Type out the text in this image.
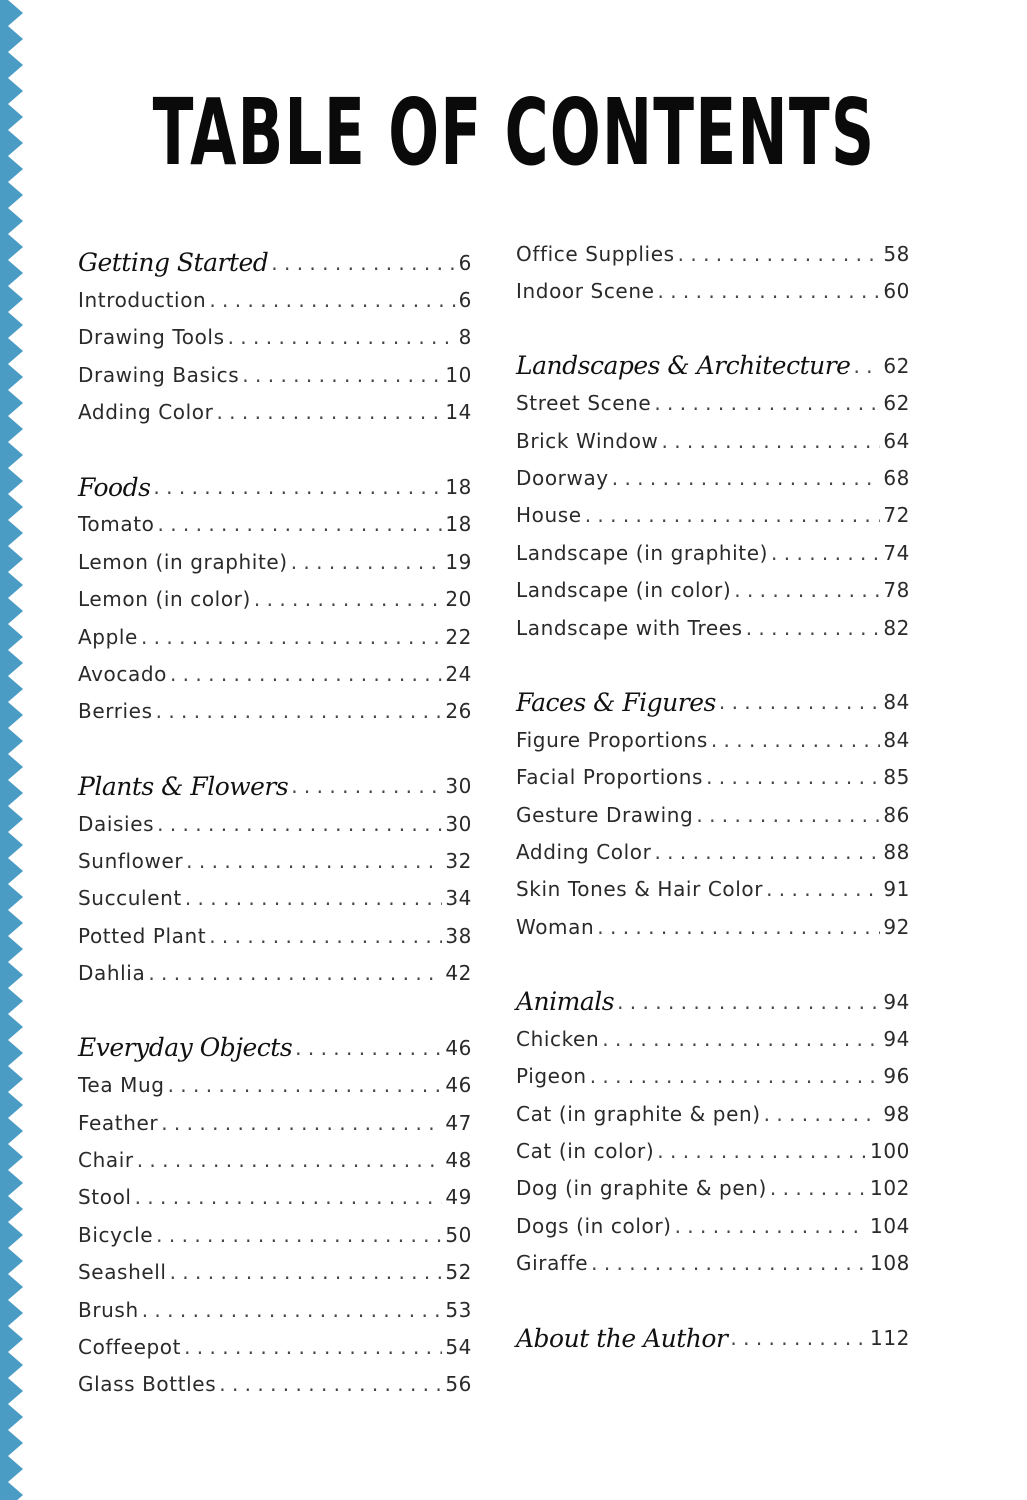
TABLE OF CONTENTS
Getting Started . . .	6
Introduction . . .	6
Drawing Tools . . .	8
Drawing Basics . . .	10
Adding Color . . .	14
Foods . . .	18
Tomato . . .	18
Lemon (in graphite) . . .	19
Lemon (in color) . . .	20
Apple . . .	22
Avocado . . .	24
Berries . . .	26
Plants & Flowers . . .	30
Daisies . . .	30
Sunflower . . .	32
Succulent . . .	34
Potted Plant . . .	38
Dahlia . . .	42
Everyday Objects . . .	46
Tea Mug . . .	46
Feather . . .	47
Chair . . .	48
Stool . . .	49
Bicycle . . .	50
Seashell . . .	52
Brush . . .	53
Coffeepot . . .	54
Glass Bottles . . .	56
Office Supplies . . .	58
Indoor Scene . . .	60
Landscapes & Architecture . . . 62
Street Scene . . .	62
Brick Window . . .	64
Doorway . . .	68
House . . .	72
Landscape (in graphite) . . .	74
Landscape (in color) . . .	78
Landscape with Trees . . .	82
Faces & Figures . . .	84
Figure Proportions . . .	84
Facial Proportions . . .	85
Gesture Drawing . . .	86
Adding Color . . .	88
Skin Tones & Hair Color . . .	91
Woman . . .	92
Animals . . .	94
Chicken . . .	94
Pigeon . . .	96
Cat (in graphite & pen) . . .	98
Cat (in color) . . .	100
Dog (in graphite & pen) . . .	102
Dogs (in color) . . .	104
Giraffe . . .	108
About the Author . . .	112
